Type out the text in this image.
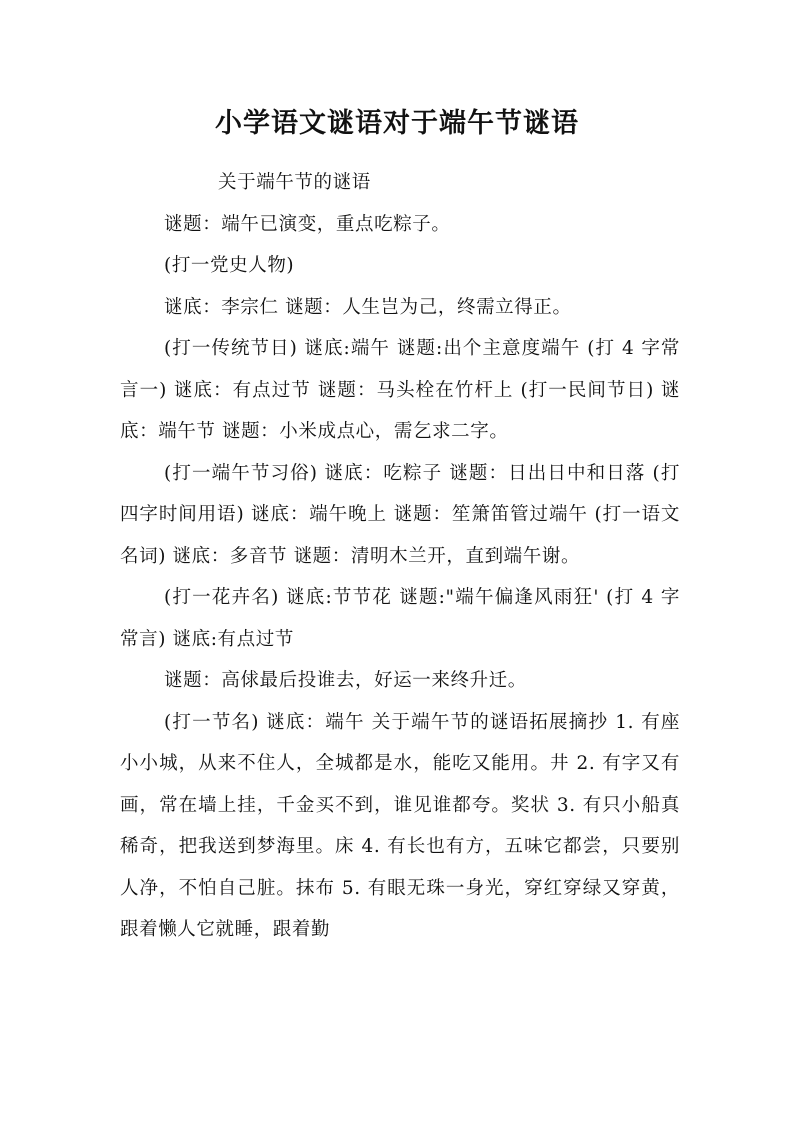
小学语文谜语对于端午节谜语

关于端午节的谜语

谜题：端午已演变，重点吃粽子。

(打一党史人物)

谜底：李宗仁 谜题：人生岂为己，终需立得正。

(打一传统节日) 谜底:端午 谜题:出个主意度端午 (打 4 字常言一) 谜底：有点过节 谜题：马头栓在竹杆上 (打一民间节日) 谜底：端午节 谜题：小米成点心，需乞求二字。

(打一端午节习俗) 谜底：吃粽子 谜题：日出日中和日落 (打四字时间用语) 谜底：端午晚上 谜题：笙箫笛管过端午 (打一语文名词) 谜底：多音节 谜题：清明木兰开，直到端午谢。

(打一花卉名) 谜底:节节花 谜题:"端午偏逢风雨狂' (打 4 字常言) 谜底:有点过节

谜题：高俅最后投谁去，好运一来终升迁。

(打一节名) 谜底：端午 关于端午节的谜语拓展摘抄 1. 有座小小城，从来不住人，全城都是水，能吃又能用。井 2. 有字又有画，常在墙上挂，千金买不到，谁见谁都夸。奖状 3. 有只小船真稀奇，把我送到梦海里。床 4. 有长也有方，五味它都尝，只要别人净，不怕自己脏。抹布 5. 有眼无珠一身光，穿红穿绿又穿黄，跟着懒人它就睡，跟着勤
